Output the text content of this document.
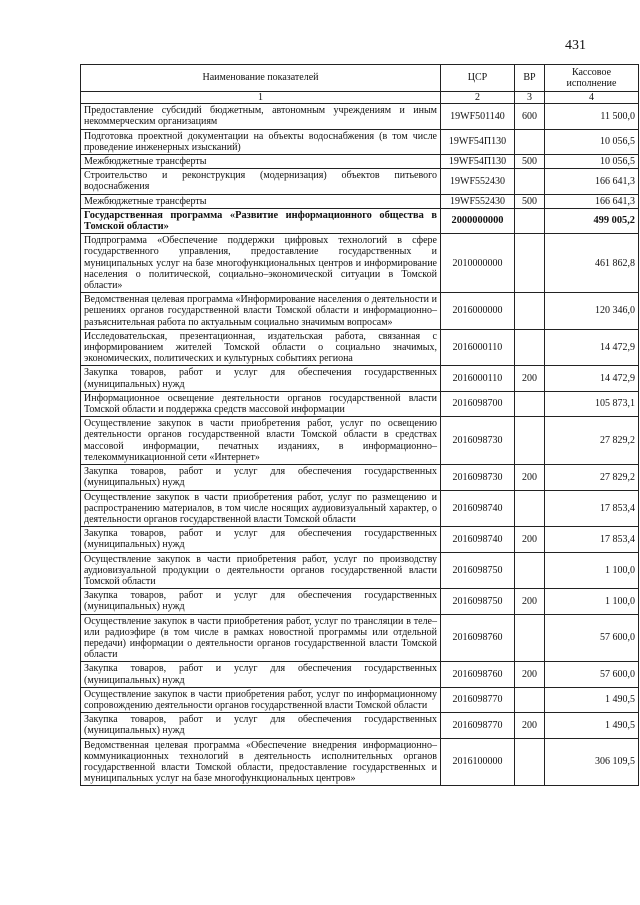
431
Наименование показателей	ЦСР	ВР	Кассовое исполнение
1	2	3	4
Предоставление субсидий бюджетным, автономным учреждениям и иным некоммерческим организациям	19WF501140	600	11 500,0
Подготовка проектной документации на объекты водоснабжения (в том числе проведение инженерных изысканий)	19WF54П130		10 056,5
Межбюджетные трансферты	19WF54П130	500	10 056,5
Строительство и реконструкция (модернизация) объектов питьевого водоснабжения	19WF552430		166 641,3
Межбюджетные трансферты	19WF552430	500	166 641,3
Государственная программа «Развитие информационного общества в Томской области»	2000000000		499 005,2
Подпрограмма «Обеспечение поддержки цифровых технологий в сфере государственного управления, предоставление государственных и муниципальных услуг на базе многофункциональных центров и информирование населения о политической, социально–экономической ситуации в Томской области»	2010000000		461 862,8
Ведомственная целевая программа «Информирование населения о деятельности и решениях органов государственной власти Томской области и информационно–разъяснительная работа по актуальным социально значимым вопросам»	2016000000		120 346,0
Исследовательская, презентационная, издательская работа, связанная с информированием жителей Томской области о социально значимых, экономических, политических и культурных событиях региона	2016000110		14 472,9
Закупка товаров, работ и услуг для обеспечения государственных (муниципальных) нужд	2016000110	200	14 472,9
Информационное освещение деятельности органов государственной власти Томской области и поддержка средств массовой информации	2016098700		105 873,1
Осуществление закупок в части приобретения работ, услуг по освещению деятельности органов государственной власти Томской области в средствах массовой информации, печатных изданиях, в информационно–телекоммуникационной сети «Интернет»	2016098730		27 829,2
Закупка товаров, работ и услуг для обеспечения государственных (муниципальных) нужд	2016098730	200	27 829,2
Осуществление закупок в части приобретения работ, услуг по размещению и распространению материалов, в том числе носящих аудиовизуальный характер, о деятельности органов государственной власти Томской области	2016098740		17 853,4
Закупка товаров, работ и услуг для обеспечения государственных (муниципальных) нужд	2016098740	200	17 853,4
Осуществление закупок в части приобретения работ, услуг по производству аудиовизуальной продукции о деятельности органов государственной власти Томской области	2016098750		1 100,0
Закупка товаров, работ и услуг для обеспечения государственных (муниципальных) нужд	2016098750	200	1 100,0
Осуществление закупок в части приобретения работ, услуг по трансляции в теле– или радиоэфире (в том числе в рамках новостной программы или отдельной передачи) информации о деятельности органов государственной власти Томской области	2016098760		57 600,0
Закупка товаров, работ и услуг для обеспечения государственных (муниципальных) нужд	2016098760	200	57 600,0
Осуществление закупок в части приобретения работ, услуг по информационному сопровождению деятельности органов государственной власти Томской области	2016098770		1 490,5
Закупка товаров, работ и услуг для обеспечения государственных (муниципальных) нужд	2016098770	200	1 490,5
Ведомственная целевая программа «Обеспечение внедрения информационно–коммуникационных технологий в деятельность исполнительных органов государственной власти Томской области, предоставление государственных и муниципальных услуг на базе многофункциональных центров»	2016100000		306 109,5
